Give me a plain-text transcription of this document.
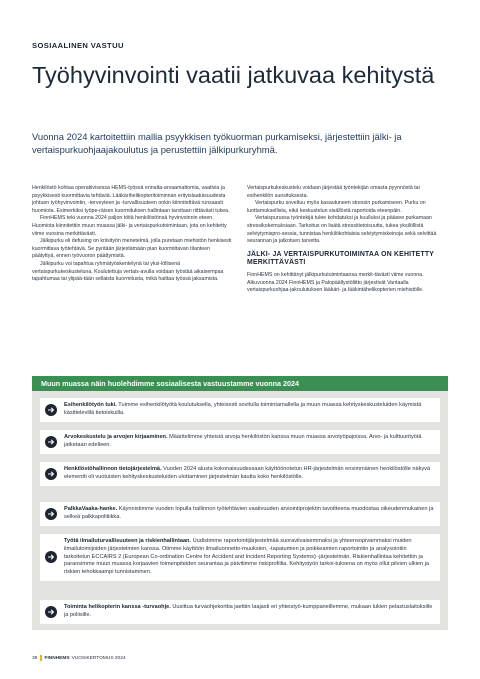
SOSIAALINEN VASTUU
Työhyvinvointi vaatii jatkuvaa kehitystä

Vuonna 2024 kartoitettiin mallia psyykkisen työkuorman purkamiseksi, järjestettiin jälki- ja vertaispurkuohjaajakoulutus ja perustettiin jälkipurkuryhmä.

Henkilöstö kohtaa operatiivisessa HEMS-työssä ennalta-arvaamattomia, vaativia ja psyykkisesti kuormittavia tehtäviä. Lääkärihelikopteritoiminnan erityislaatuisuudesta johtuen työhyvinvointin, -terveyteen ja -turvallisuuteen onkin kiinnitettävä runsaasti huomiota. Esimerkiksi työpe-räisen kuormituksen hallintaan tarvitaan riittävästi tukea.

FinnHEMS teki vuonna 2024 paljon töitä henkilöstönsä hyvinvoinnin eteen. Huomiota kiinnitettiin muun muassa jälki- ja vertaispurkutoimintaan, jota on kehitetty viime vuosina merkittävästi.

Jälkipurku eli defusing on kriisityön menetelmä, jolla puretaan miehistön henkisesti kuormittava työtehtävä. Se pyritään järjestämään pian kuormittavan tilanteen päätyttyä, ennen työvuoron päättymistä.

Jälkipurku voi tapahtua ryhmätyöskentelynä tai yksi-löllisenä vertaispurkukeskusteluna. Koulutettuja vertais-avulla voidaan työstää aikaisempaa tapahtumaa tai ylipää-tään sellaista kuormitusta, mikä haittaa työssä jaksamista.

Vertaispurkukeskustelu voidaan järjestää työntekijän omasta pyynnöstä tai esihenkilön suosituksesta.

Vertaispurku soveltuu myös kasautuneen stressin purkamiseen. Purku on luottamuksellista, eikä keskustelun sisällöstä raportoida eteenpäin.

Vertaispurussa työntekijä tulee kohdatuksi ja kuulluksi ja pääsee purkamaan stressikokemuksiaan. Tarkoitus on lisätä stressitietoisuutta, tukea yksilöllistä selviytymispro-sessia, tunnistaa henkilökohtaisia selviytymiskeinoja sekä selvittää seurannan ja jatkotuen tarvetta.

JÄLKI- JA VERTAISPURKUTOIMINTAA ON KEHITETTY MERKITTÄVÄSTI

FinnHEMS on kehittänyt jälkipurkutoimintaansa merkit-tävästi viime vuonna. Alkuvuonna 2024 FinnHEMS ja Palopäällystöliitto järjestivät Vantaalla vertaispurkuohjaa-jakoulutuksen lääkäri- ja lääkintähelikopterien miehistölle.

Muun muassa näin huolehdimme sosiaalisesta vastuustamme vuonna 2024
Esihenkilötyön tuki. Tuimme esihenkilötyötä koulutuksella, yhteisesti sovitulla toimintamallella ja muun muassa kehityskeskusteluiden käymistä käsittelevillä tietoiskuilla.
Arvokeskustelu ja arvojen kirjaaminen. Määritelimme yhteisiä arvoja henkilöstön kanssa muun muassa arvotyöpajoissa. Arvo- ja kulttuurityötä jatketaan edelleen.
Henkilöstöhallinnon tietojärjestelmä. Vuoden 2024 alusta kokonaisuudessaan käyttöönotetun HR-järjestelmän ensimmäinen henkilöstölle näkyvä elementti oli vuotuisten kehityskeskusteluiden ulottaminen järjestelmän kautta koko henkilöstölle.
PalkkaVaaka-hanke. Käynnistimme vuoden lopulla hallinnon työtehtävien vaativuuden arviointiprojektin tavoitteena muodostaa oikeudenmukainen ja selkeä palkkapolitiikka.
Työtä ilmailuturvallisuuteen ja riskienhallintaan. Uudistimme raportointijärjestelmää suoraviivaisemmaksi ja yhteensopivammaksi muiden ilmailutoimijoiden järjestelmien kanssa. Otimme käyttöön ilmailuonnetto-muuksien, -tapatumien ja poikkeamien raportointiin ja analysointiin tarkoitetun ECCAIRS 2 (European Co-ordination Centre for Accident and Incident Reporting Systems) -järjestelmän. Riskienhallintaa kehitettiin ja paransimme muun muassa korjaavien toimenpiteiden seurantaa ja päivitimme riskiprofiilia. Kehitystyön tarkoi-tuksena on myös ollut pilvien ulkien ja riskien tehokkaampi tunnistaminen.
Toiminta helikopterin kanssa -turvaohje. Uusittua turvaohjekorttia jaettiin laajasti eri yhteistyö-kumppaneillemme, mukaan lukien pelastuslaitoksille ja poliisille.
38 FINNHEMS VUOSIKERTOMUS 2024
